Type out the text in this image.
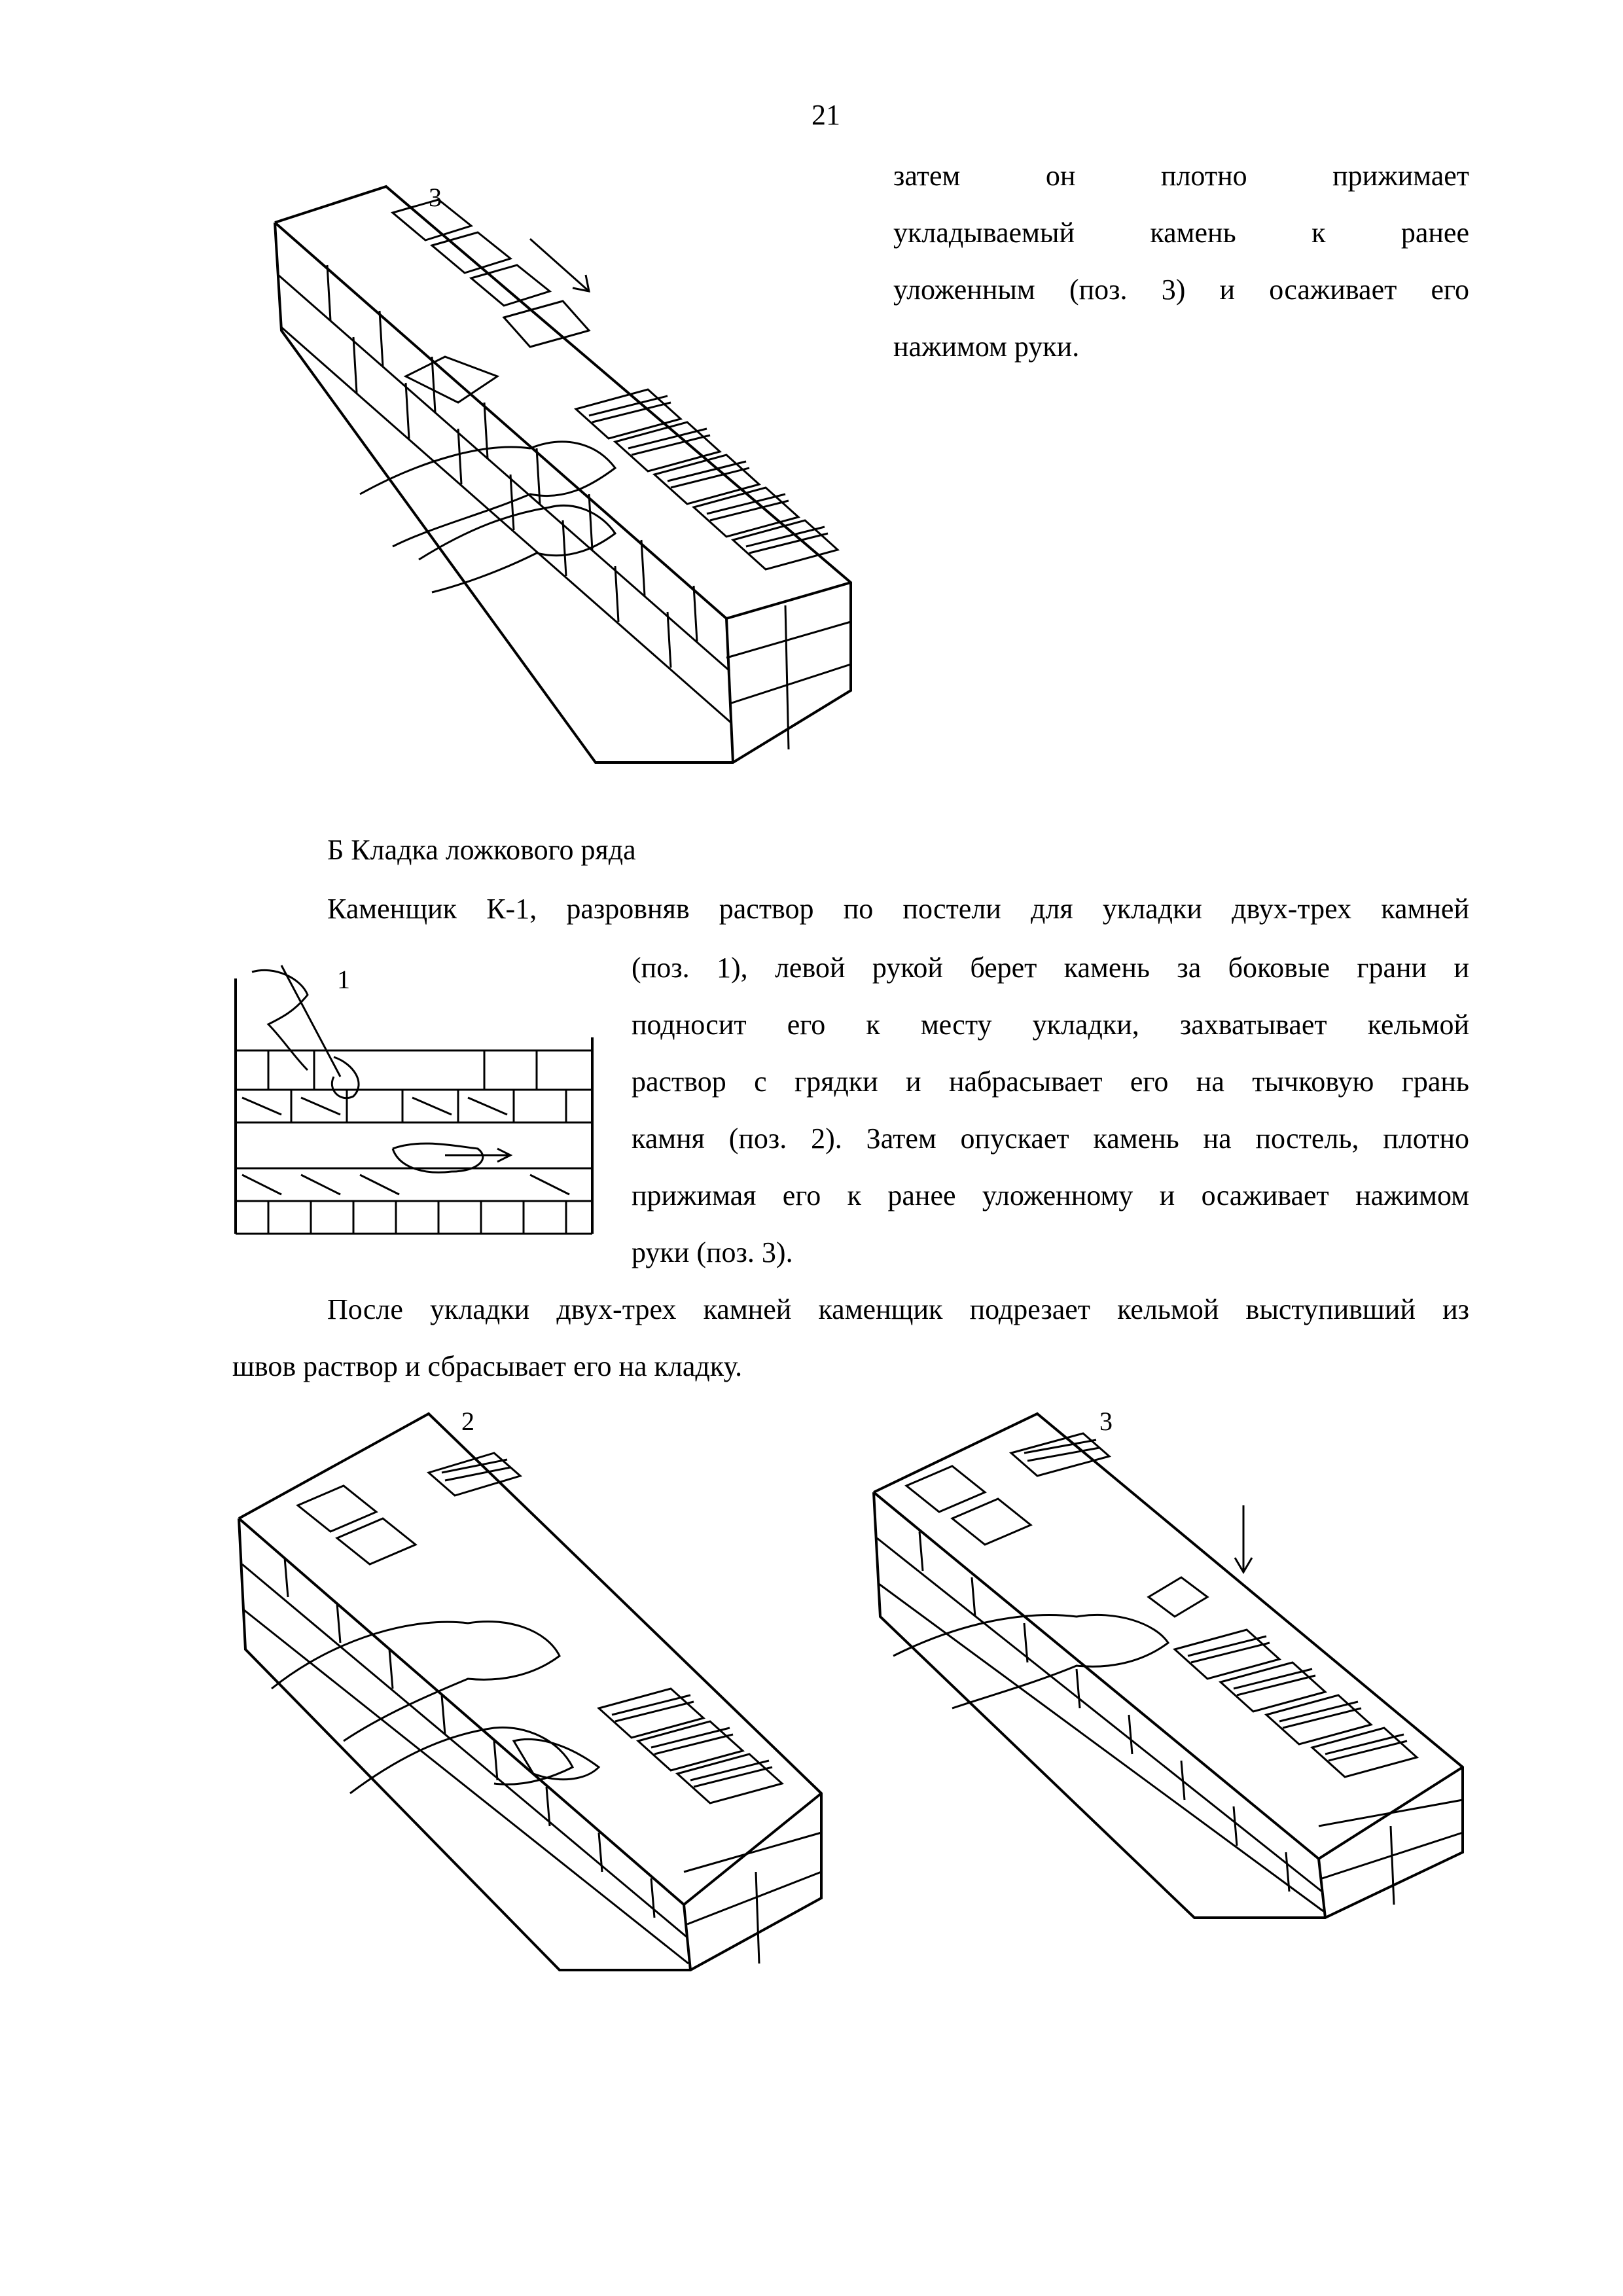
21
затем он плотно прижимает
укладываемый камень к ранее
уложенным (поз. 3) и осаживает его
нажимом руки.
3
Б Кладка ложкового ряда
Каменщик К-1, разровняв раствор по постели для укладки двух-трех камней
1	(поз. 1), левой рукой берет камень за боковые грани и
подносит его к месту укладки, захватывает кельмой
раствор с грядки и набрасывает его на тычковую грань
камня (поз. 2). Затем опускает камень на постель, плотно
прижимая его к ранее уложенному и осаживает нажимом
руки (поз. 3).
После укладки двух-трех камней каменщик подрезает кельмой выступивший из
швов раствор и сбрасывает его на кладку.
2	3
